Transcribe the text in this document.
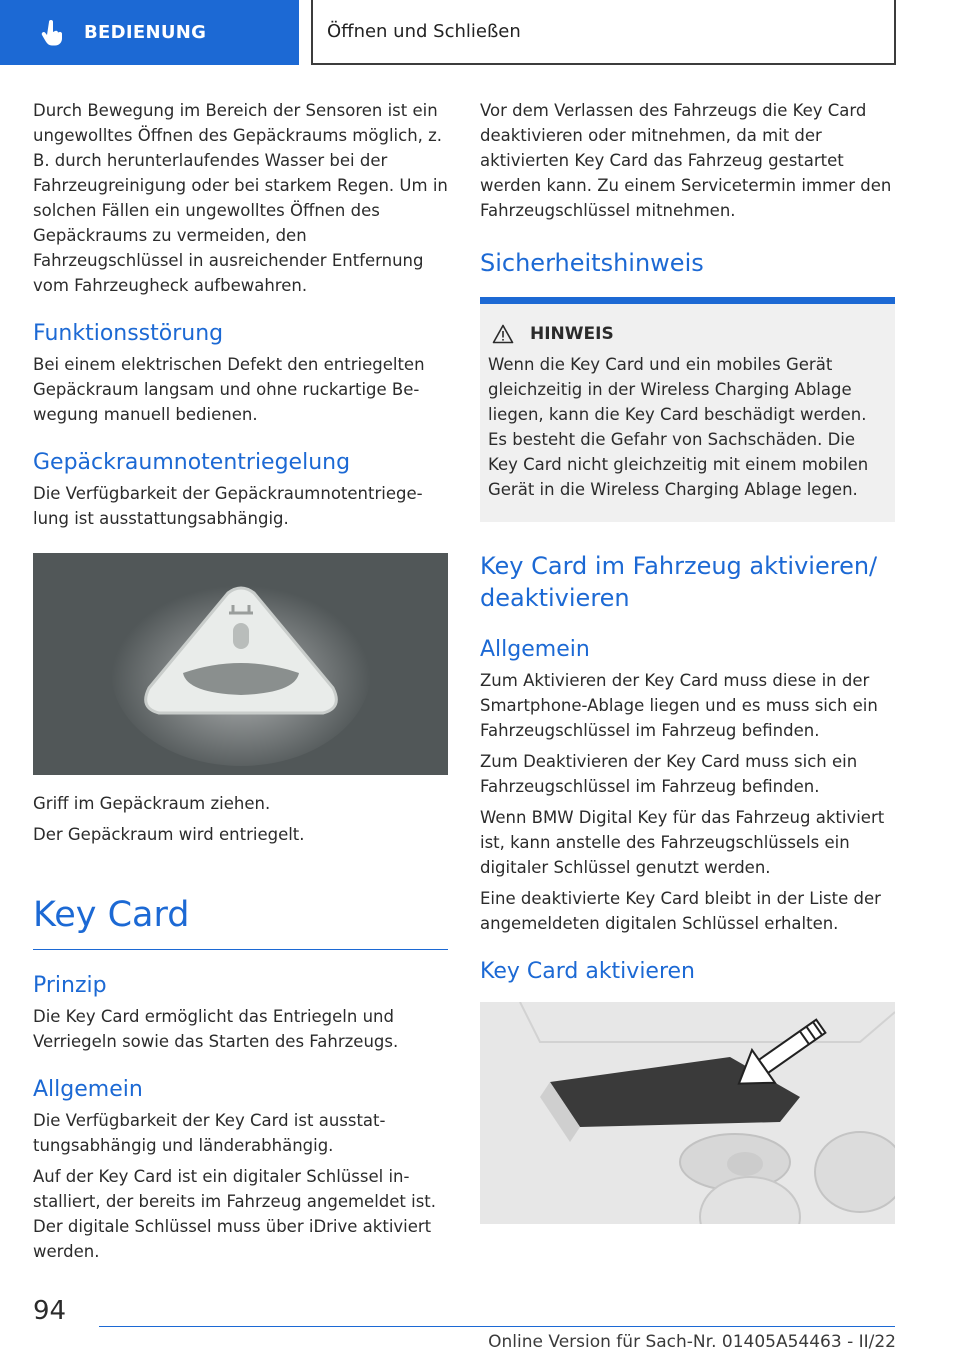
BEDIENUNG	Öffnen und Schließen

Durch Bewegung im Bereich der Sensoren ist ein ungewolltes Öffnen des Gepäckraums möglich, z. B. durch herunterlaufendes Wasser bei der Fahrzeugreinigung oder bei starkem Regen. Um in solchen Fällen ein ungewolltes Öffnen des Gepäckraums zu vermeiden, den Fahrzeugschlüssel in ausreichender Entfernung vom Fahrzeugheck aufbewahren.

Funktionsstörung

Bei einem elektrischen Defekt den entriegelten Gepäckraum langsam und ohne ruckartige Bewegung manuell bedienen.

Gepäckraumnotentriegelung

Die Verfügbarkeit der Gepäckraumnotentriegelung ist ausstattungsabhängig.

Griff im Gepäckraum ziehen.

Der Gepäckraum wird entriegelt.

Key Card
Prinzip

Die Key Card ermöglicht das Entriegeln und Verriegeln sowie das Starten des Fahrzeugs.

Allgemein

Die Verfügbarkeit der Key Card ist ausstattungsabhängig und länderabhängig.

Auf der Key Card ist ein digitaler Schlüssel installiert, der bereits im Fahrzeug angemeldet ist. Der digitale Schlüssel muss über iDrive aktiviert werden.

Vor dem Verlassen des Fahrzeugs die Key Card deaktivieren oder mitnehmen, da mit der aktivierten Key Card das Fahrzeug gestartet werden kann. Zu einem Servicetermin immer den Fahrzeugschlüssel mitnehmen.

Sicherheitshinweis
HINWEIS

Wenn die Key Card und ein mobiles Gerät gleichzeitig in der Wireless Charging Ablage liegen, kann die Key Card beschädigt werden. Es besteht die Gefahr von Sachschäden. Die Key Card nicht gleichzeitig mit einem mobilen Gerät in die Wireless Charging Ablage legen.

Key Card im Fahrzeug aktivieren/ deaktivieren
Allgemein

Zum Aktivieren der Key Card muss diese in der Smartphone-Ablage liegen und es muss sich ein Fahrzeugschlüssel im Fahrzeug befinden.

Zum Deaktivieren der Key Card muss sich ein Fahrzeugschlüssel im Fahrzeug befinden.

Wenn BMW Digital Key für das Fahrzeug aktiviert ist, kann anstelle des Fahrzeugschlüssels ein digitaler Schlüssel genutzt werden.

Eine deaktivierte Key Card bleibt in der Liste der angemeldeten digitalen Schlüssel erhalten.

Key Card aktivieren
94
Online Version für Sach-Nr. 01405A54463 - II/22
